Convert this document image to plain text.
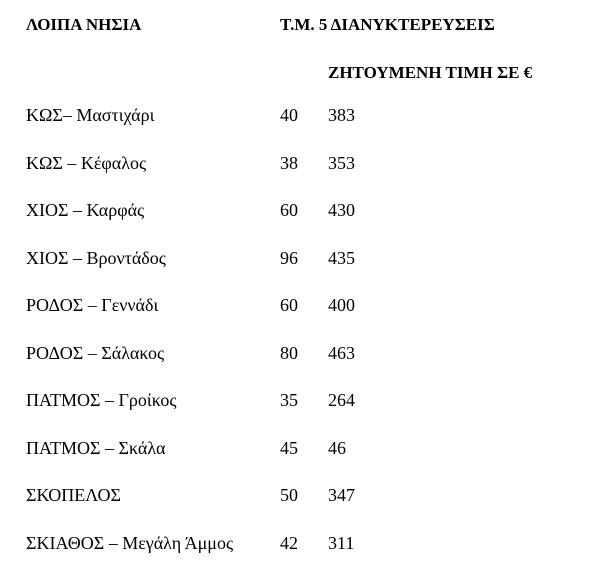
ΛΟΙΠΑ ΝΗΣΙΑ	Τ.Μ. 5 ΔΙΑΝΥΚΤΕΡΕΥΣΕΙΣ
ΖΗΤΟΥΜΕΝΗ ΤΙΜΗ ΣΕ €
ΚΩΣ– Μαστιχάρι	40 383
ΚΩΣ – Κέφαλος	38 353
ΧΙΟΣ – Καρφάς	60 430
ΧΙΟΣ – Βροντάδος	96 435
ΡΟΔΟΣ – Γεννάδι	60 400
ΡΟΔΟΣ – Σάλακος	80 463
ΠΑΤΜΟΣ – Γροίκος	35 264
ΠΑΤΜΟΣ – Σκάλα	45 46
ΣΚΟΠΕΛΟΣ	50 347
ΣΚΙΑΘΟΣ – Μεγάλη Άμμος	42 311
